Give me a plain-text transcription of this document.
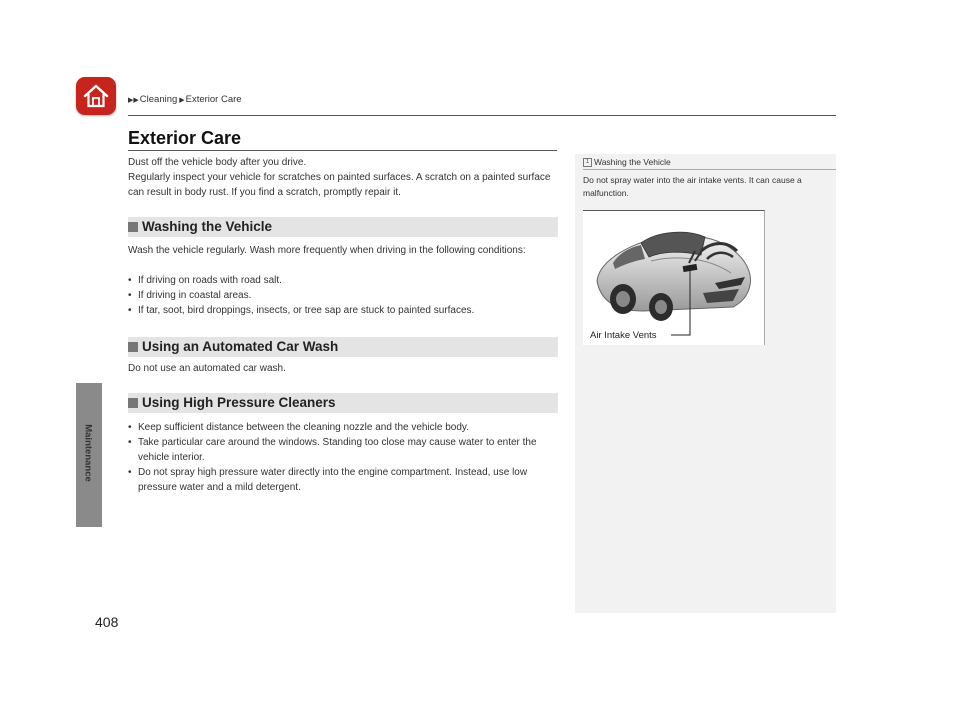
▶▶Cleaning ▶Exterior Care
Maintenance
408
Exterior Care

Dust off the vehicle body after you drive.

Regularly inspect your vehicle for scratches on painted surfaces. A scratch on a painted surface can result in body rust. If you find a scratch, promptly repair it.

Washing the Vehicle

Wash the vehicle regularly. Wash more frequently when driving in the following conditions:

• If driving on roads with road salt.
• If driving in coastal areas.
• If tar, soot, bird droppings, insects, or tree sap are stuck to painted surfaces.
Using an Automated Car Wash

Do not use an automated car wash.

Using High Pressure Cleaners
• Keep sufficient distance between the cleaning nozzle and the vehicle body.
• Take particular care around the windows. Standing too close may cause water to enter the vehicle interior.
• Do not spray high pressure water directly into the engine compartment. Instead, use low pressure water and a mild detergent.
1 Washing the Vehicle

Do not spray water into the air intake vents. It can cause a malfunction.

Air Intake Vents
